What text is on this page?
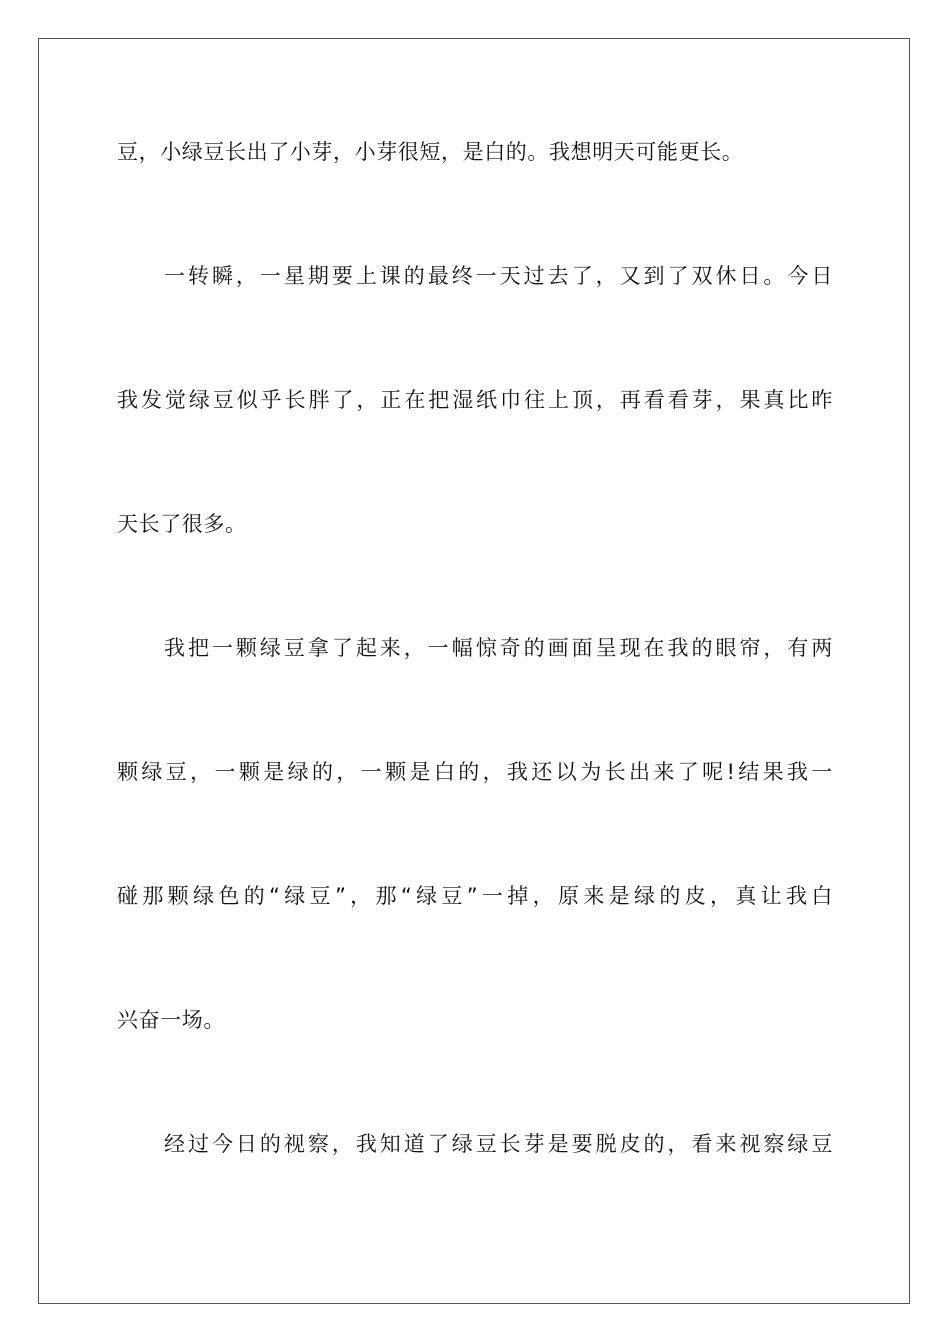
豆，小绿豆长出了小芽，小芽很短，是白的。我想明天可能更长。
一转瞬，一星期要上课的最终一天过去了，又到了双休日。今日
我发觉绿豆似乎长胖了，正在把湿纸巾往上顶，再看看芽，果真比昨
天长了很多。
我把一颗绿豆拿了起来，一幅惊奇的画面呈现在我的眼帘，有两
颗绿豆，一颗是绿的，一颗是白的，我还以为长出来了呢!结果我一
碰那颗绿色的“绿豆”，那“绿豆”一掉，原来是绿的皮，真让我白
兴奋一场。
经过今日的视察，我知道了绿豆长芽是要脱皮的，看来视察绿豆
